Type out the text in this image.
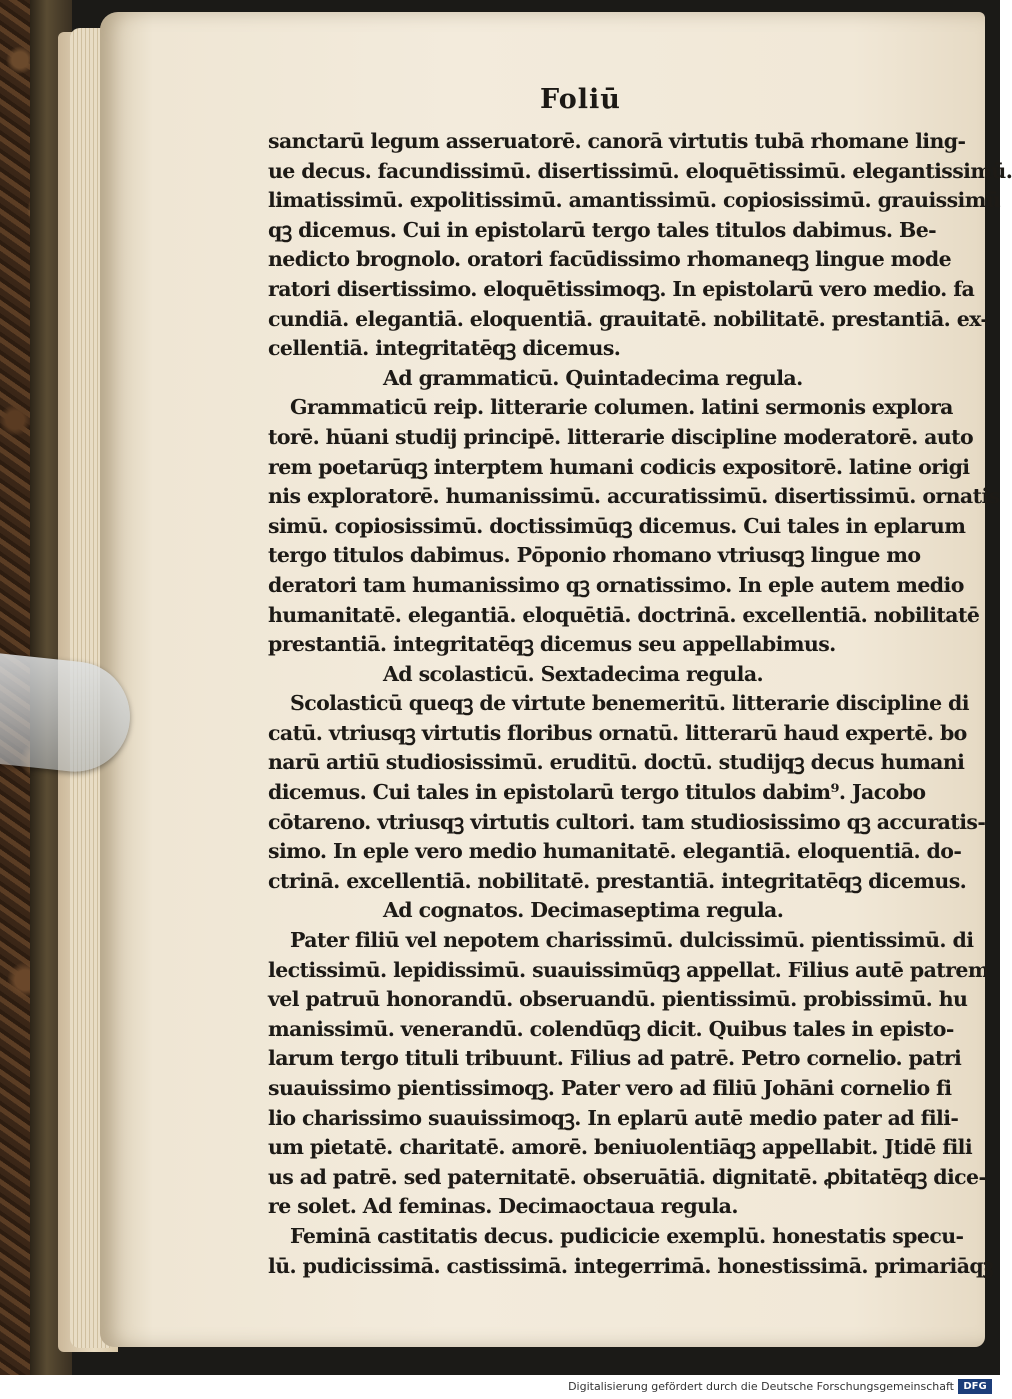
Foliū
sanctarū legum asseruatorē. canorā virtutis tubā rhomane ling-
ue decus. facundissimū. disertissimū. eloquētissimū. elegantissimū.
limatissimū. expolitissimū. amantissimū. copiosissimū. grauissimū
qꝫ dicemus. Cui in epistolarū tergo tales titulos dabimus. Be-
nedicto brognolo. oratori facūdissimo rhomaneqꝫ lingue mode
ratori disertissimo. eloquētissimoqꝫ. In epistolarū vero medio. fa
cundiā. elegantiā. eloquentiā. grauitatē. nobilitatē. prestantiā. ex-
cellentiā. integritatēqꝫ dicemus.
Ad grammaticū. Quintadecima regula.
Grammaticū reip. litterarie columen. latini sermonis explora
torē. hūani studij principē. litterarie discipline moderatorē. auto
rem poetarūqꝫ interptem humani codicis expositorē. latine origi
nis exploratorē. humanissimū. accuratissimū. disertissimū. ornatis
simū. copiosissimū. doctissimūqꝫ dicemus. Cui tales in eplarum
tergo titulos dabimus. Pōponio rhomano vtriusqꝫ lingue mo
deratori tam humanissimo qꝫ ornatissimo. In eple autem medio
humanitatē. elegantiā. eloquētiā. doctrinā. excellentiā. nobilitatē
prestantiā. integritatēqꝫ dicemus seu appellabimus.
Ad scolasticū. Sextadecima regula.
Scolasticū queqꝫ de virtute benemeritū. litterarie discipline di
catū. vtriusqꝫ virtutis floribus ornatū. litterarū haud expertē. bo
narū artiū studiosissimū. eruditū. doctū. studijqꝫ decus humani
dicemus. Cui tales in epistolarū tergo titulos dabim⁹. Jacobo
cōtareno. vtriusqꝫ virtutis cultori. tam studiosissimo qꝫ accuratis-
simo. In eple vero medio humanitatē. elegantiā. eloquentiā. do-
ctrinā. excellentiā. nobilitatē. prestantiā. integritatēqꝫ dicemus.
Ad cognatos. Decimaseptima regula.
Pater filiū vel nepotem charissimū. dulcissimū. pientissimū. di
lectissimū. lepidissimū. suauissimūqꝫ appellat. Filius autē patrem
vel patruū honorandū. obseruandū. pientissimū. probissimū. hu
manissimū. venerandū. colendūqꝫ dicit. Quibus tales in episto-
larum tergo tituli tribuunt. Filius ad patrē. Petro cornelio. patri
suauissimo pientissimoqꝫ. Pater vero ad filiū Johāni cornelio fi
lio charissimo suauissimoqꝫ. In eplarū autē medio pater ad fili-
um pietatē. charitatē. amorē. beniuolentiāqꝫ appellabit. Jtidē fili
us ad patrē. sed paternitatē. obseruātiā. dignitatē. ꝓbitatēqꝫ dice-
re solet. Ad feminas. Decimaoctaua regula.
Feminā castitatis decus. pudicicie exemplū. honestatis specu-
lū. pudicissimā. castissimā. integerrimā. honestissimā. primariāqꝫ
Digitalisierung gefördert durch die Deutsche Forschungsgemeinschaft DFG
